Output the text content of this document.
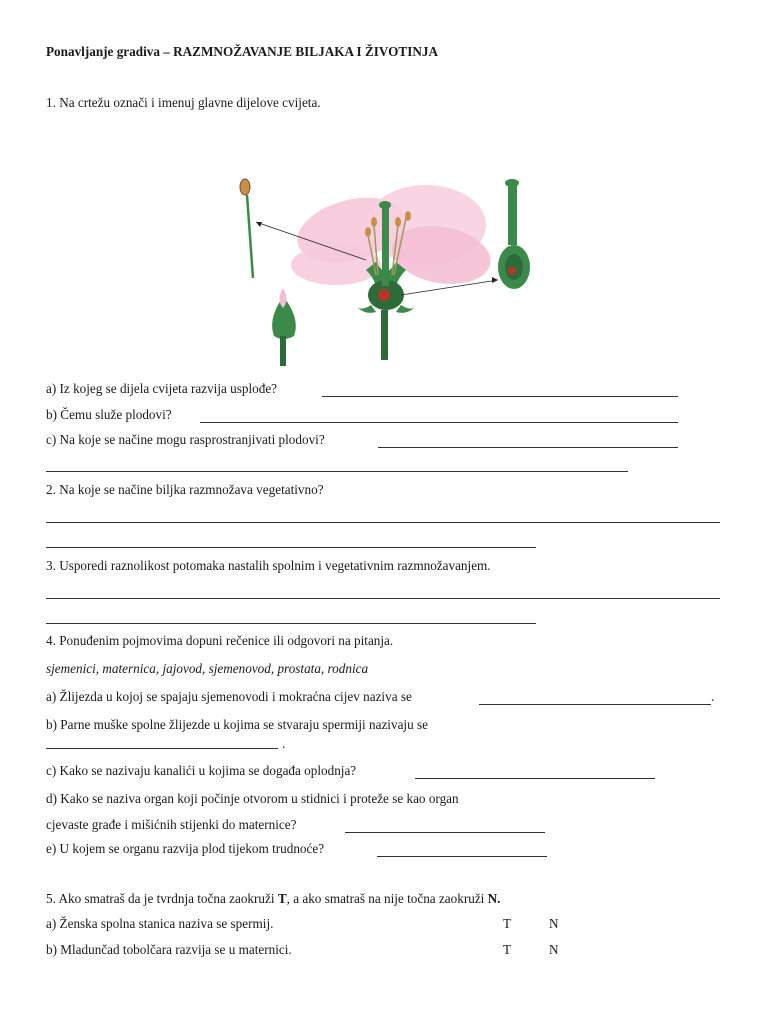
Ponavljanje gradiva – RAZMNOŽAVANJE BILJAKA I ŽIVOTINJA
1. Na crtežu označi i imenuj glavne dijelove cvijeta.
a) Iz kojeg se dijela cvijeta razvija usplođe?
b) Čemu služe plodovi?
c) Na koje se načine mogu rasprostranjivati plodovi?
2. Na koje se načine biljka razmnožava vegetativno?
3. Usporedi raznolikost potomaka nastalih spolnim i vegetativnim razmnožavanjem.
4. Ponuđenim pojmovima dopuni rečenice ili odgovori na pitanja.
sjemenici, maternica, jajovod, sjemenovod, prostata, rodnica
a) Žlijezda u kojoj se spajaju sjemenovodi i mokraćna cijev naziva se	.
b) Parne muške spolne žlijezde u kojima se stvaraju spermiji nazivaju se
.
c) Kako se nazivaju kanalići u kojima se događa oplodnja?
d) Kako se naziva organ koji počinje otvorom u stidnici i proteže se kao organ
cjevaste građe i mišićnih stijenki do maternice?
e) U kojem se organu razvija plod tijekom trudnoće?
5. Ako smatraš da je tvrdnja točna zaokruži T, a ako smatraš na nije točna zaokruži N.
a) Ženska spolna stanica naziva se spermij.	T	N
b) Mladunčad tobolčara razvija se u maternici.	T	N
